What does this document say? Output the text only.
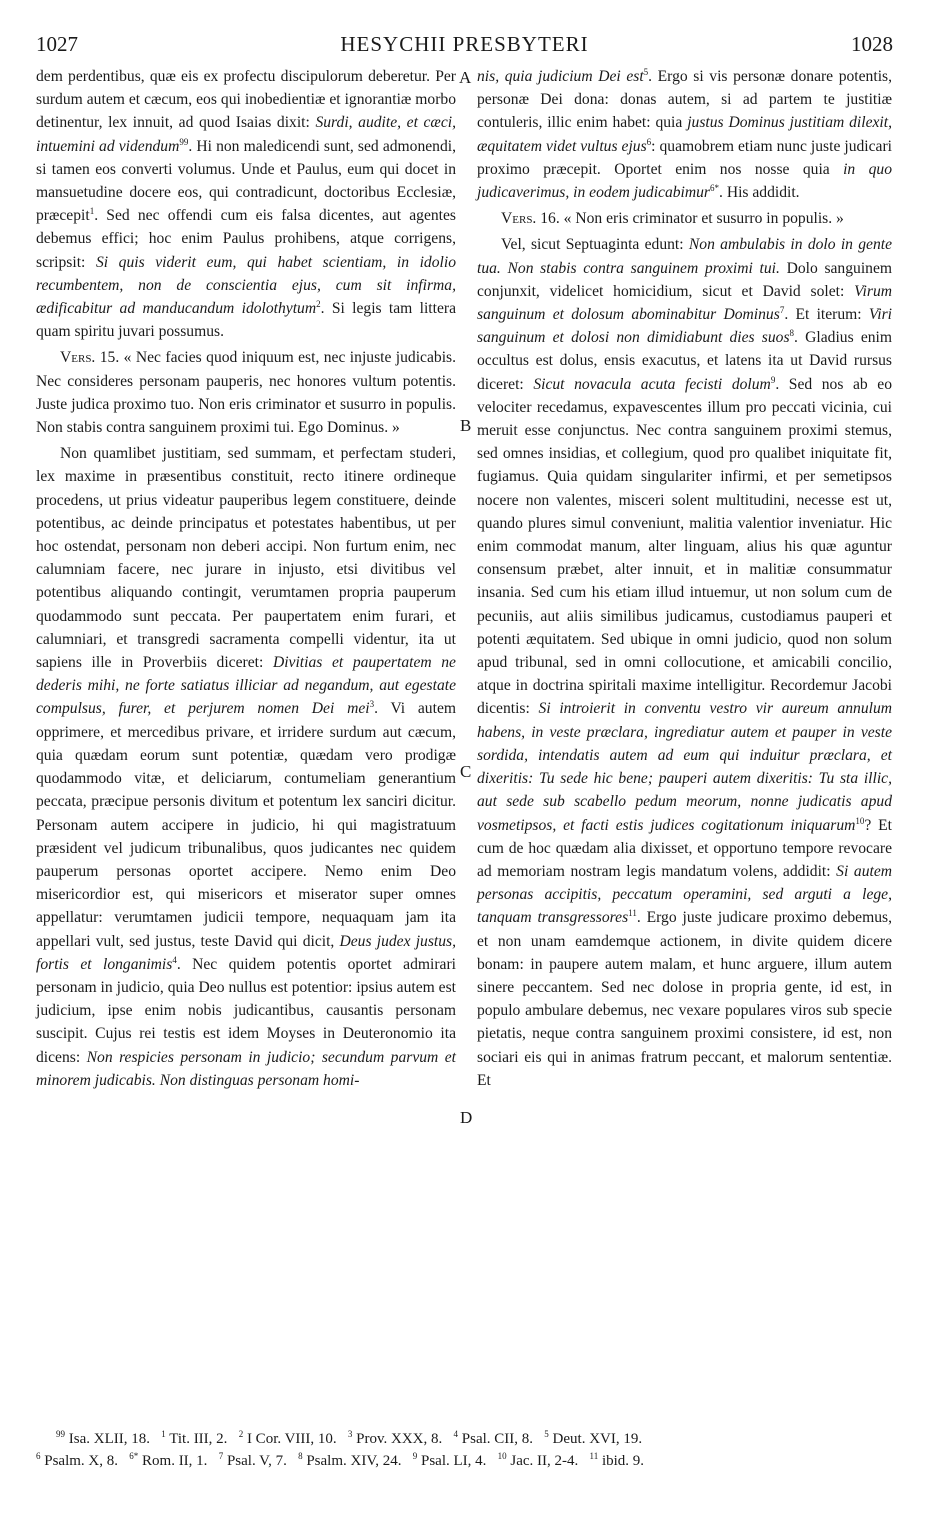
1027	HESYCHII PRESBYTERI	1028

dem perdentibus, quæ eis ex profectu discipulorum deberetur. Per surdum autem et cæcum, eos qui inobedientiæ et ignorantiæ morbo detinentur, lex innuit, ad quod Isaias dixit: Surdi, audite, et cæci, intuemini ad videndum$^{99}$. Hi non maledicendi sunt, sed admonendi, si tamen eos converti volumus. Unde et Paulus, eum qui docet in mansuetudine docere eos, qui contradicunt, doctoribus Ecclesiæ, præcepit$^1$. Sed nec offendi cum eis falsa dicentes, aut agentes debemus effici; hoc enim Paulus prohibens, atque corrigens, scripsit: Si quis viderit eum, qui habet scientiam, in idolio recumbentem, non de conscientia ejus, cum sit infirma, ædificabitur ad manducandum idolothytum$^2$. Si legis tam littera quam spiritu juvari possumus.

Vers. 15. « Nec facies quod iniquum est, nec injuste judicabis. Nec consideres personam pauperis, nec honores vultum potentis. Juste judica proximo tuo. Non eris criminator et susurro in populis. Non stabis contra sanguinem proximi tui. Ego Dominus. »

Non quamlibet justitiam, sed summam, et perfectam studeri, lex maxime in præsentibus constituit, recto itinere ordineque procedens, ut prius videatur pauperibus legem constituere, deinde potentibus, ac deinde principatus et potestates habentibus, ut per hoc ostendat, personam non deberi accipi. Non furtum enim, nec calumniam facere, nec jurare in injusto, etsi divitibus vel potentibus aliquando contingit, verumtamen propria pauperum quodammodo sunt peccata. Per paupertatem enim furari, et calumniari, et transgredi sacramenta compelli videntur, ita ut sapiens ille in Proverbiis diceret: Divitias et paupertatem ne dederis mihi, ne forte satiatus illiciar ad negandum, aut egestate compulsus, furer, et perjurem nomen Dei mei$^3$. Vi autem opprimere, et mercedibus privare, et irridere surdum aut cæcum, quia quædam eorum sunt potentiæ, quædam vero prodigæ quodammodo vitæ, et deliciarum, contumeliam generantium peccata, præcipue personis divitum et potentum lex sanciri dicitur. Personam autem accipere in judicio, hi qui magistratuum præsident vel judicum tribunalibus, quos judicantes nec quidem pauperum personas oportet accipere. Nemo enim Deo misericordior est, qui misericors et miserator super omnes appellatur: verumtamen judicii tempore, nequaquam jam ita appellari vult, sed justus, teste David qui dicit, Deus judex justus, fortis et longanimis$^4$. Nec quidem potentis oportet admirari personam in judicio, quia Deo nullus est potentior: ipsius autem est judicium, ipse enim nobis judicantibus, causantis personam suscipit. Cujus rei testis est idem Moyses in Deuteronomio ita dicens: Non respicies personam in judicio; secundum parvum et minorem judicabis. Non distinguas personam homi-

A
B
C
D

nis, quia judicium Dei est$^5$. Ergo si vis personæ donare potentis, personæ Dei dona: donas autem, si ad partem te justitiæ contuleris, illic enim habet: quia justus Dominus justitiam dilexit, æquitatem videt vultus ejus$^6$: quamobrem etiam nunc juste judicari proximo præcepit. Oportet enim nos nosse quia in quo judicaverimus, in eodem judicabimur$^{6*}$. His addidit.

Vers. 16. « Non eris criminator et susurro in populis. »

Vel, sicut Septuaginta edunt: Non ambulabis in dolo in gente tua. Non stabis contra sanguinem proximi tui. Dolo sanguinem conjunxit, videlicet homicidium, sicut et David solet: Virum sanguinum et dolosum abominabitur Dominus$^7$. Et iterum: Viri sanguinum et dolosi non dimidiabunt dies suos$^8$. Gladius enim occultus est dolus, ensis exacutus, et latens ita ut David rursus diceret: Sicut novacula acuta fecisti dolum$^9$. Sed nos ab eo velociter recedamus, expavescentes illum pro peccati vicinia, cui meruit esse conjunctus. Nec contra sanguinem proximi stemus, sed omnes insidias, et collegium, quod pro qualibet iniquitate fit, fugiamus. Quia quidam singulariter infirmi, et per semetipsos nocere non valentes, misceri solent multitudini, necesse est ut, quando plures simul conveniunt, malitia valentior inveniatur. Hic enim commodat manum, alter linguam, alius his quæ aguntur consensum præbet, alter innuit, et in malitiæ consummatur insania. Sed cum his etiam illud intuemur, ut non solum cum de pecuniis, aut aliis similibus judicamus, custodiamus pauperi et potenti æquitatem. Sed ubique in omni judicio, quod non solum apud tribunal, sed in omni collocutione, et amicabili concilio, atque in doctrina spiritali maxime intelligitur. Recordemur Jacobi dicentis: Si introierit in conventu vestro vir aureum annulum habens, in veste præclara, ingrediatur autem et pauper in veste sordida, intendatis autem ad eum qui induitur præclara, et dixeritis: Tu sede hic bene; pauperi autem dixeritis: Tu sta illic, aut sede sub scabello pedum meorum, nonne judicatis apud vosmetipsos, et facti estis judices cogitationum iniquarum$^{10}$? Et cum de hoc quædam alia dixisset, et opportuno tempore revocare ad memoriam nostram legis mandatum volens, addidit: Si autem personas accipitis, peccatum operamini, sed arguti a lege, tanquam transgressores$^{11}$. Ergo juste judicare proximo debemus, et non unam eamdemque actionem, in divite quidem dicere bonam: in paupere autem malam, et hunc arguere, illum autem sinere peccantem. Sed nec dolose in propria gente, id est, in populo ambulare debemus, nec vexare populares viros sub specie pietatis, neque contra sanguinem proximi consistere, id est, non sociari eis qui in animas fratrum peccant, et malorum sententiæ. Et

$^{99}$ Isa. XLII, 18. $^1$ Tit. III, 2. $^2$ I Cor. VIII, 10. $^3$ Prov. XXX, 8. $^4$ Psal. CII, 8. $^5$ Deut. XVI, 19.

$^6$ Psalm. X, 8. $^{6*}$ Rom. II, 1. $^7$ Psal. V, 7. $^8$ Psalm. XIV, 24. $^9$ Psal. LI, 4. $^{10}$ Jac. II, 2-4. $^{11}$ ibid. 9.
